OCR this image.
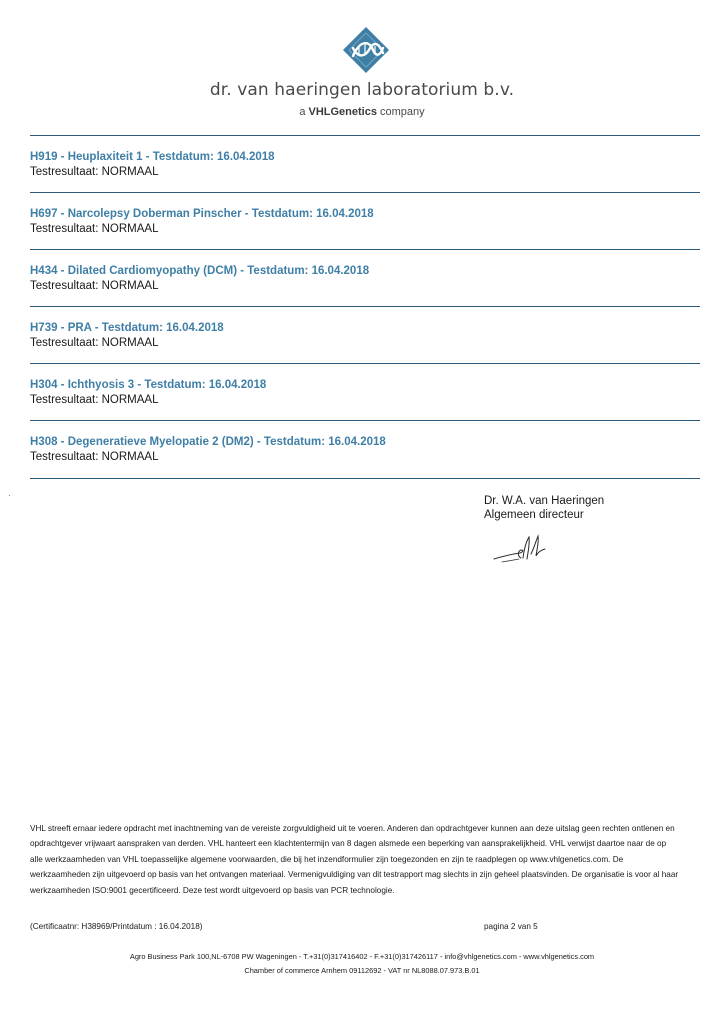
dr. van haeringen laboratorium b.v.
a VHLGenetics company
H919 - Heuplaxiteit 1 - Testdatum: 16.04.2018
Testresultaat: NORMAAL
H697 - Narcolepsy Doberman Pinscher - Testdatum: 16.04.2018
Testresultaat: NORMAAL
H434 - Dilated Cardiomyopathy (DCM) - Testdatum: 16.04.2018
Testresultaat: NORMAAL
H739 - PRA - Testdatum: 16.04.2018
Testresultaat: NORMAAL
H304 - Ichthyosis 3 - Testdatum: 16.04.2018
Testresultaat: NORMAAL
H308 - Degeneratieve Myelopatie 2 (DM2) - Testdatum: 16.04.2018
Testresultaat: NORMAAL
Dr. W.A. van Haeringen
Algemeen directeur
VHL streeft ernaar iedere opdracht met inachtneming van de vereiste zorgvuldigheid uit te voeren. Anderen dan opdrachtgever kunnen aan deze uitslag geen rechten ontlenen en opdrachtgever vrijwaart aanspraken van derden. VHL hanteert een klachtentermijn van 8 dagen alsmede een beperking van aansprakelijkheid. VHL verwijst daartoe naar de op alle werkzaamheden van VHL toepasselijke algemene voorwaarden, die bij het inzendformulier zijn toegezonden en zijn te raadplegen op www.vhlgenetics.com. De werkzaamheden zijn uitgevoerd op basis van het ontvangen materiaal. Vermenigvuldiging van dit testrapport mag slechts in zijn geheel plaatsvinden. De organisatie is voor al haar werkzaamheden ISO:9001 gecertificeerd. Deze test wordt uitgevoerd op basis van PCR technologie.
(Certificaatnr: H38969/Printdatum : 16.04.2018)	pagina 2 van 5
Agro Business Park 100,NL-6708 PW Wageningen - T.+31(0)317416402 - F.+31(0)317426117 - info@vhlgenetics.com - www.vhlgenetics.com
Chamber of commerce Arnhem 09112692 - VAT nr NL8088.07.973.B.01
